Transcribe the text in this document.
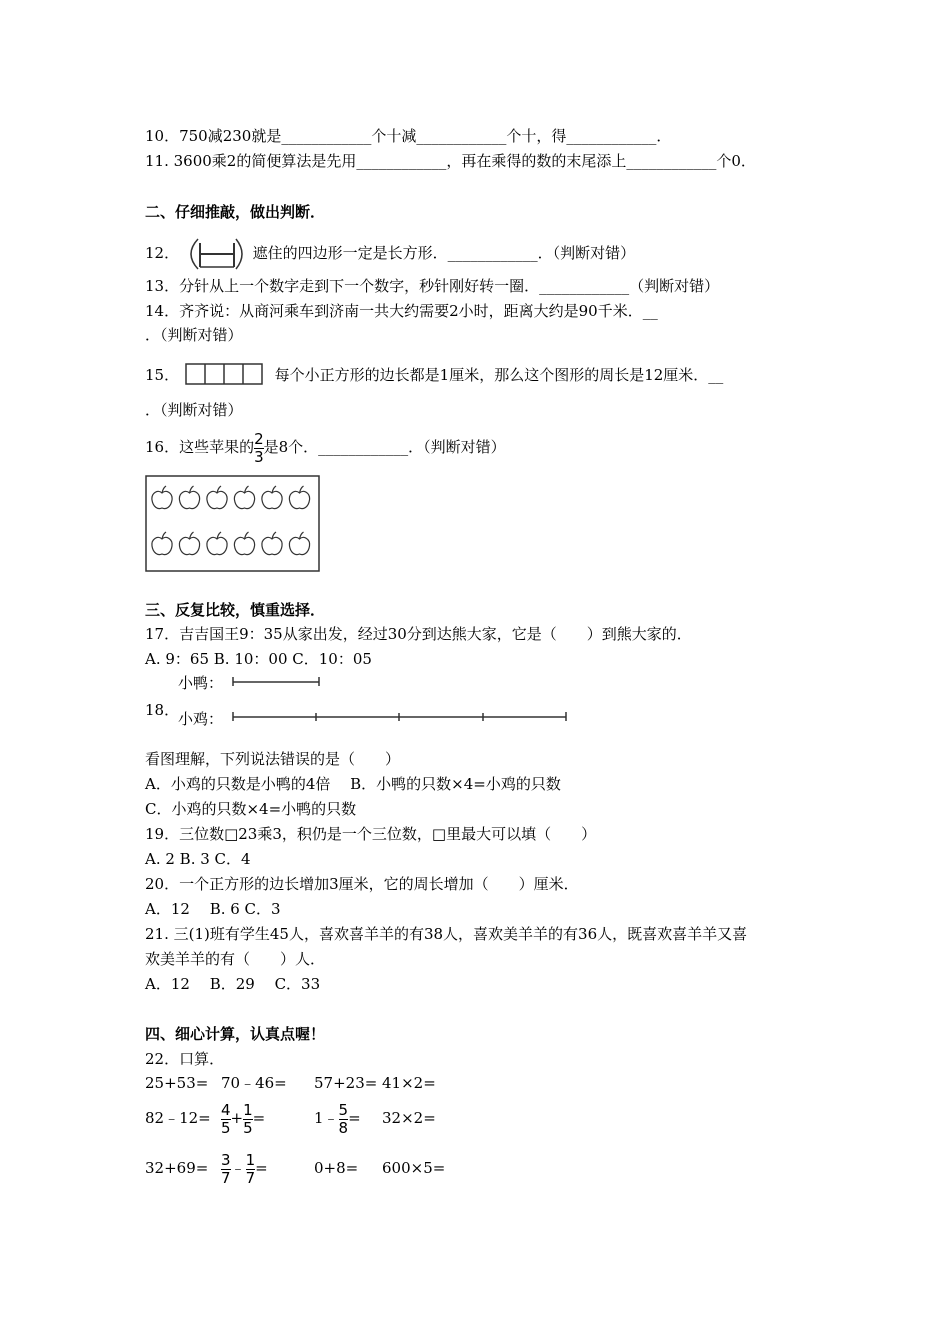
10．750减230就是____________个十减____________个十，得____________．
11. 3600乘2的简便算法是先用____________，再在乘得的数的末尾添上____________个0．
二、仔细推敲，做出判断．
12．	遮住的四边形一定是长方形．____________．（判断对错）
13．分针从上一个数字走到下一个数字，秒针刚好转一圈．____________（判断对错）
14．齐齐说：从商河乘车到济南一共大约需要2小时，距离大约是90千米．__
．（判断对错）
15．	每个小正方形的边长都是1厘米，那么这个图形的周长是12厘米．__
．（判断对错）
16．这些苹果的 $\frac{2}{3}$ 是8个．____________．（判断对错）
三、反复比较，慎重选择．
17．吉吉国王9：35从家出发，经过30分到达熊大家，它是（　　）到熊大家的．
A. 9：65 B. 10：00 C．10：05
18．
小鸭：
小鸡：
看图理解，下列说法错误的是（　　）
A．小鸡的只数是小鸭的4倍　 B．小鸭的只数×4=小鸡的只数
C．小鸡的只数×4=小鸭的只数
19．三位数□23乘3，积仍是一个三位数，□里最大可以填（　　）
A. 2 B. 3 C．4
20．一个正方形的边长增加3厘米，它的周长增加（　　）厘米．
A．12　 B. 6 C．3
21. 三(1)班有学生45人，喜欢喜羊羊的有38人，喜欢美羊羊的有36人，既喜欢喜羊羊又喜
欢美羊羊的有（　　）人．
A．12　 B．29　 C．33
四、细心计算，认真点喔！
22．口算．
25+53= 70﹣46= 57+23= 41×2=
82﹣12= $\frac{4}{5} + \frac{1}{5}$ =	1﹣ $\frac{5}{8} = 32\times 2=$
$32+69= \frac{3}{7}$ ﹣ $\frac{1}{7}$ =	0+8= 600×5=
